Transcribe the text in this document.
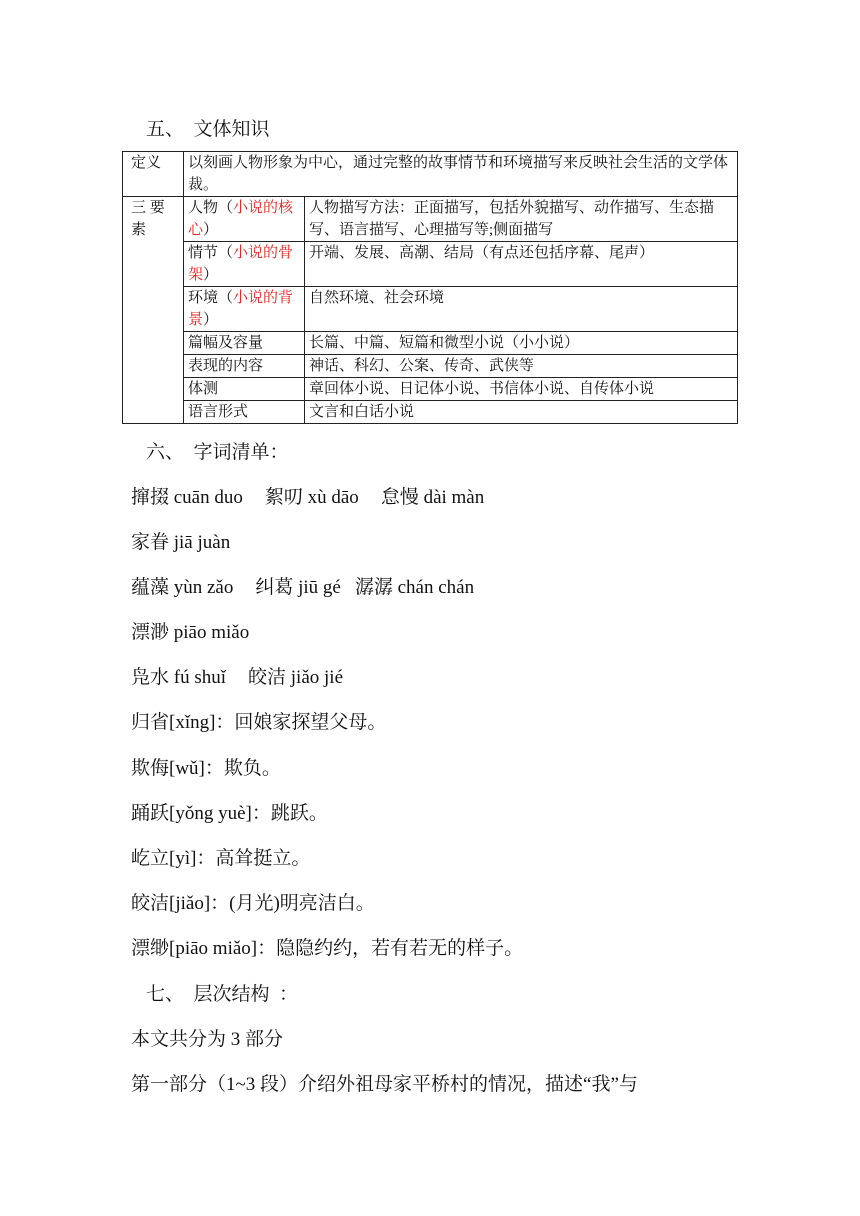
五、  文体知识
定义	以刻画人物形象为中心，通过完整的故事情节和环境描写来反映社会生活的文学体裁。	
三 要素	人物（小说的核心）	人物描写方法：正面描写，包括外貌描写、动作描写、生态描写、语言描写、心理描写等;侧面描写
	情节（小说的骨架）	开端、发展、高潮、结局（有点还包括序幕、尾声）
	环境（小说的背景）	自然环境、社会环境
	篇幅及容量	长篇、中篇、短篇和微型小说（小小说）
	表现的内容	神话、科幻、公案、传奇、武侠等
	体测	章回体小说、日记体小说、书信体小说、自传体小说
	语言形式	文言和白话小说
六、  字词清单：
撺掇 cuān duo 絮叨 xù dāo 怠慢 dài màn
家眷 jiā juàn
蕴藻 yùn zǎo 纠葛 jiū gé 潺潺 chán chán
漂渺 piāo miǎo
凫水 fú shuǐ 皎洁 jiǎo jié
归省[xǐng]：回娘家探望父母。
欺侮[wǔ]：欺负。
踊跃[yǒng yuè]：跳跃。
屹立[yì]：高耸挺立。
皎洁[jiǎo]：(月光)明亮洁白。
漂缈[piāo miǎo]：隐隐约约，若有若无的样子。
七、  层次结构  ：
本文共分为 3 部分
第一部分（1~3 段）介绍外祖母家平桥村的情况，描述“我”与
